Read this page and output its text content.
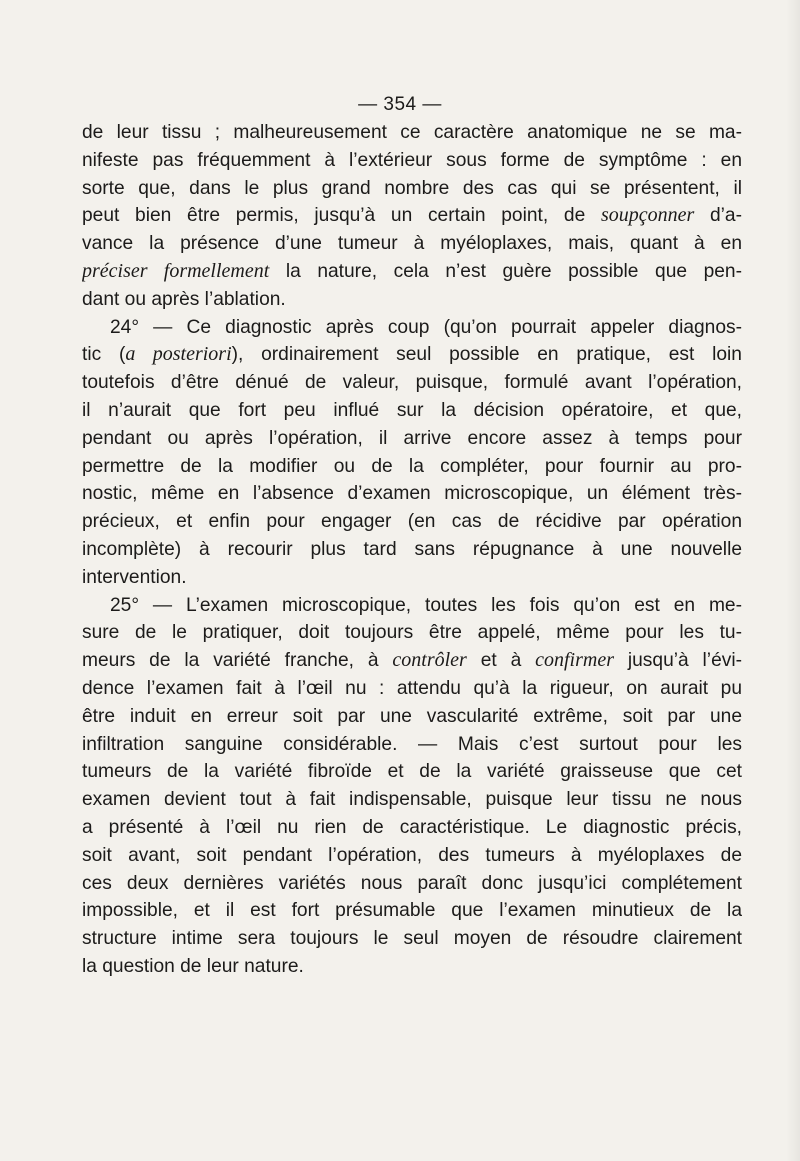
— 354 —
de leur tissu ; malheureusement ce caractère anatomique ne se ma-
nifeste pas fréquemment à l’extérieur sous forme de symptôme : en
sorte que, dans le plus grand nombre des cas qui se présentent, il
peut bien être permis, jusqu’à un certain point, de soupçonner d’a-
vance la présence d’une tumeur à myéloplaxes, mais, quant à en
préciser formellement la nature, cela n’est guère possible que pen-
dant ou après l’ablation.
24° — Ce diagnostic après coup (qu’on pourrait appeler diagnos-
tic (a posteriori), ordinairement seul possible en pratique, est loin
toutefois d’être dénué de valeur, puisque, formulé avant l’opération,
il n’aurait que fort peu influé sur la décision opératoire, et que,
pendant ou après l’opération, il arrive encore assez à temps pour
permettre de la modifier ou de la compléter, pour fournir au pro-
nostic, même en l’absence d’examen microscopique, un élément très-
précieux, et enfin pour engager (en cas de récidive par opération
incomplète) à recourir plus tard sans répugnance à une nouvelle
intervention.
25° — L’examen microscopique, toutes les fois qu’on est en me-
sure de le pratiquer, doit toujours être appelé, même pour les tu-
meurs de la variété franche, à contrôler et à confirmer jusqu’à l’évi-
dence l’examen fait à l’œil nu : attendu qu’à la rigueur, on aurait pu
être induit en erreur soit par une vascularité extrême, soit par une
infiltration sanguine considérable. — Mais c’est surtout pour les
tumeurs de la variété fibroïde et de la variété graisseuse que cet
examen devient tout à fait indispensable, puisque leur tissu ne nous
a présenté à l’œil nu rien de caractéristique. Le diagnostic précis,
soit avant, soit pendant l’opération, des tumeurs à myéloplaxes de
ces deux dernières variétés nous paraît donc jusqu’ici complétement
impossible, et il est fort présumable que l’examen minutieux de la
structure intime sera toujours le seul moyen de résoudre clairement
la question de leur nature.
